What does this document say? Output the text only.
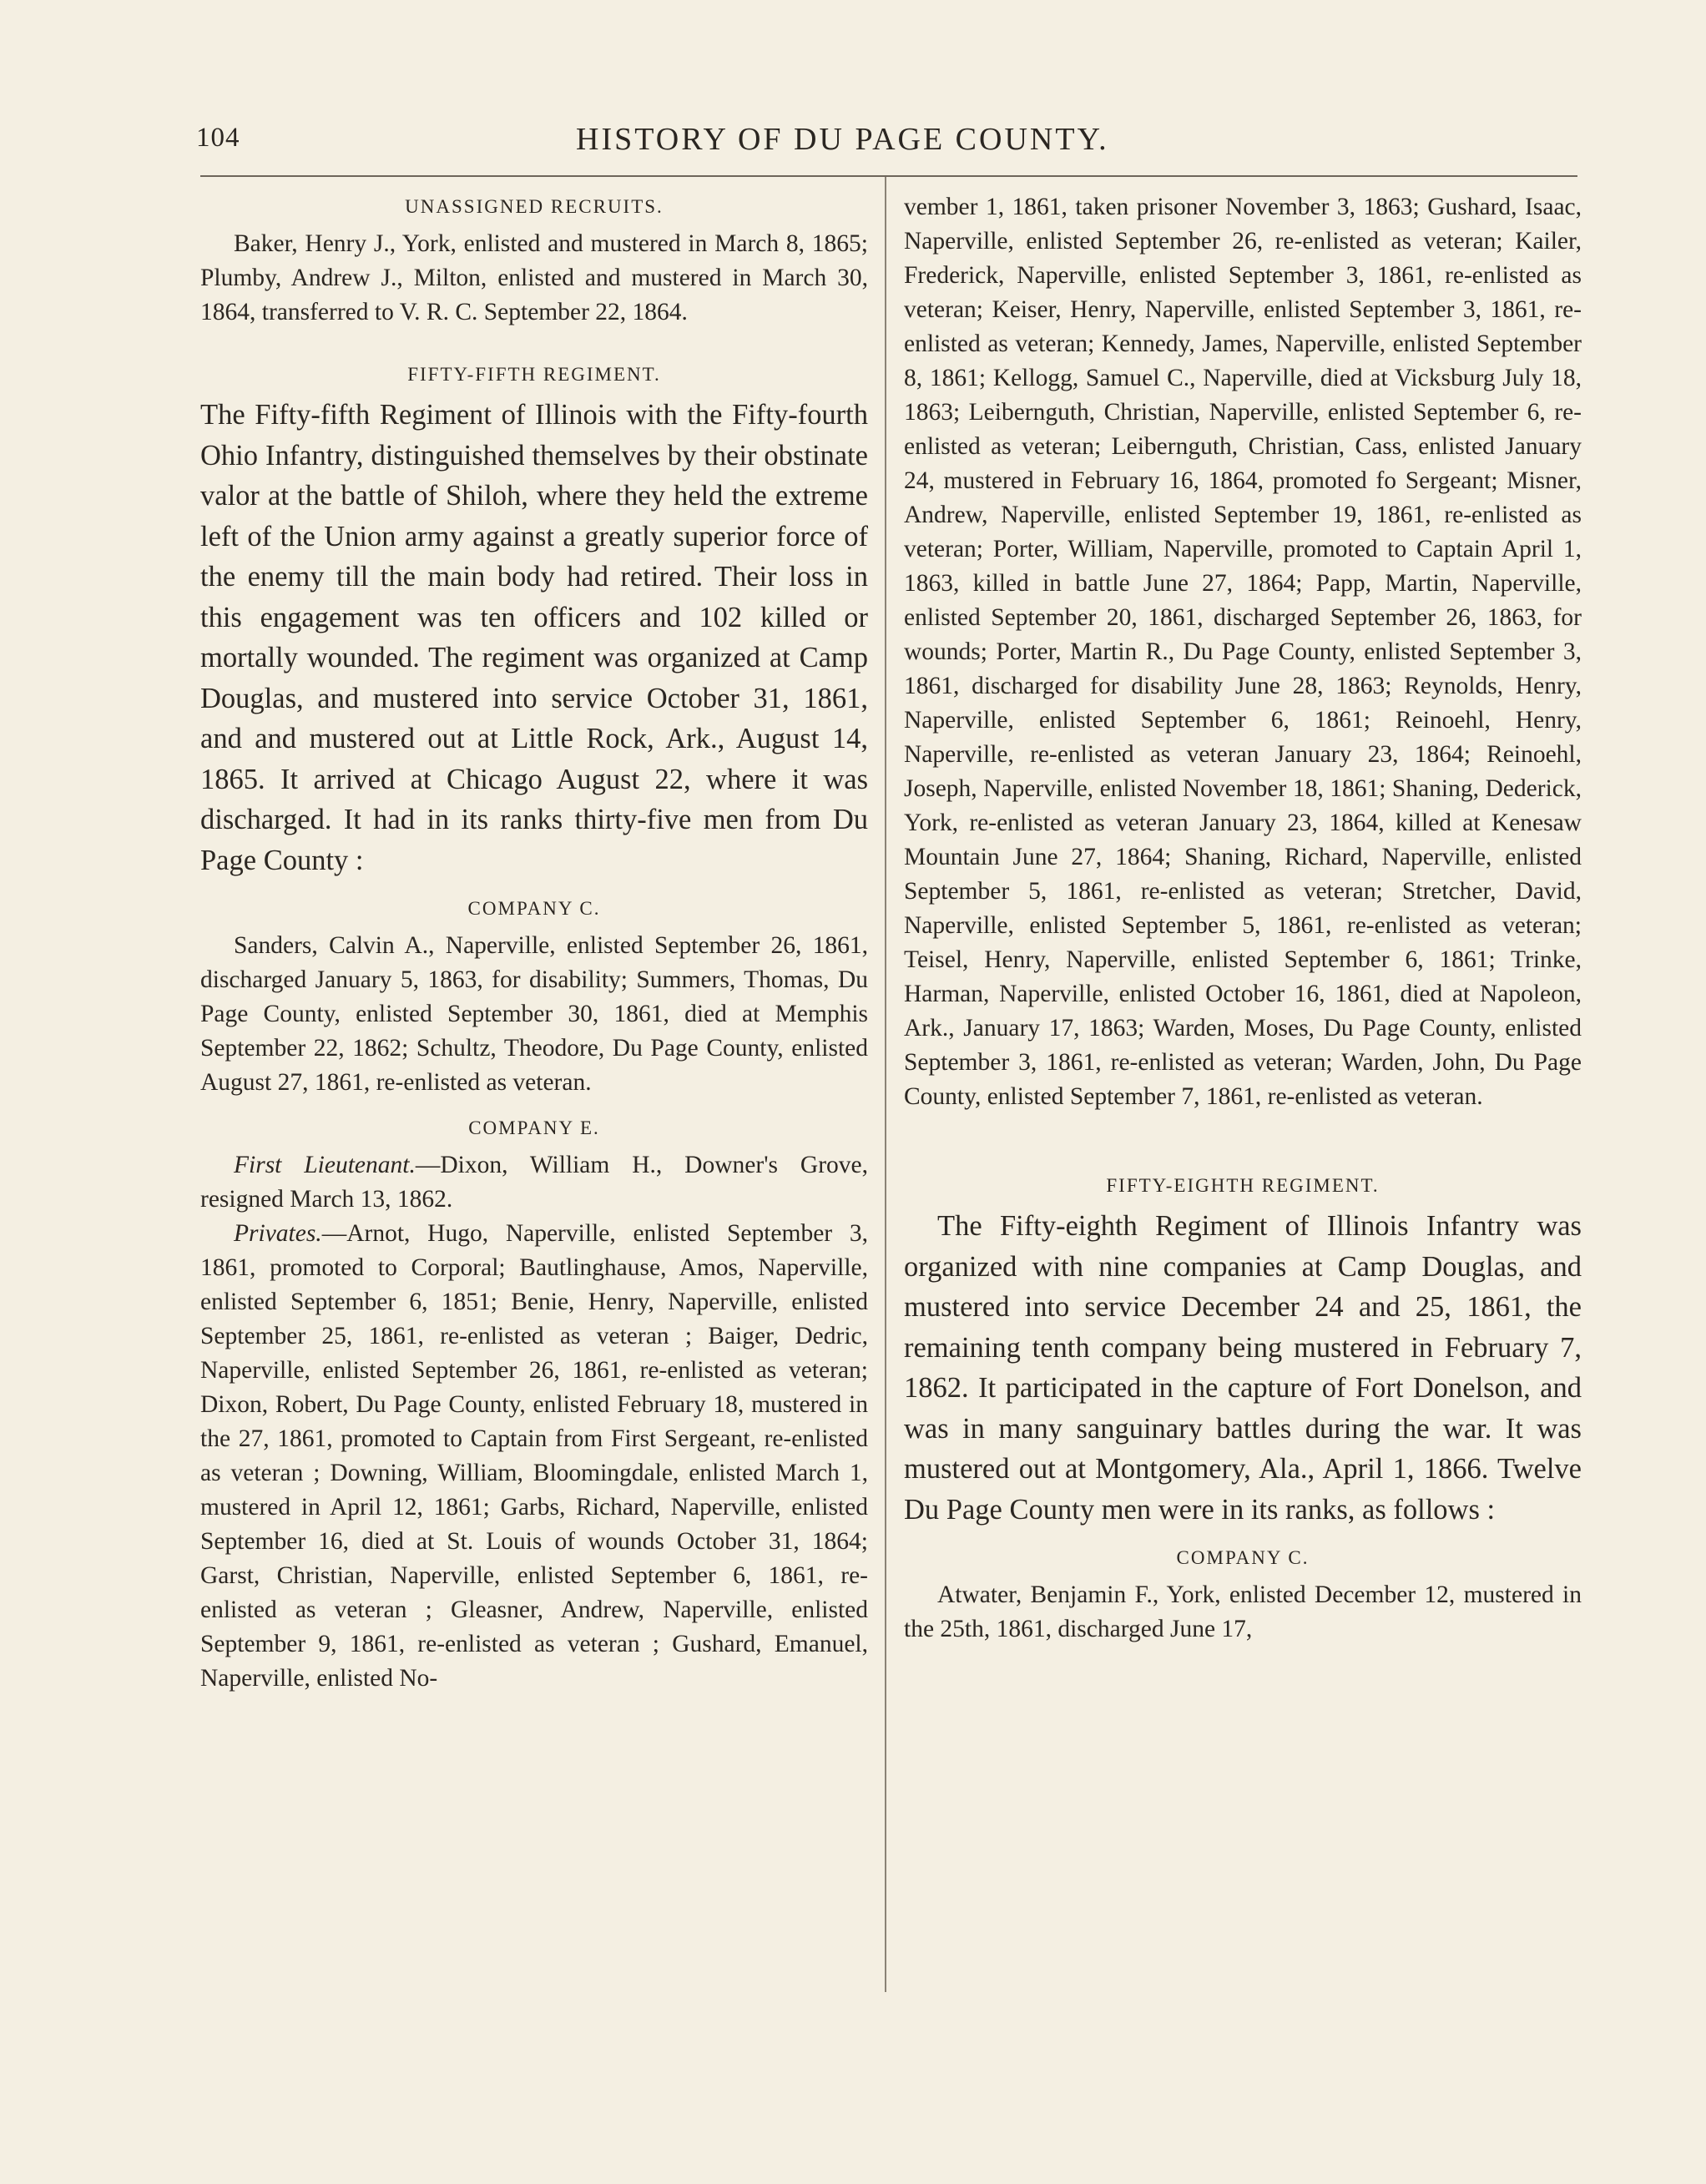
104	HISTORY OF DU PAGE COUNTY.
UNASSIGNED RECRUITS.

Baker, Henry J., York, enlisted and mustered in March 8, 1865; Plumby, Andrew J., Milton, enlisted and mustered in March 30, 1864, transferred to V. R. C. September 22, 1864.

FIFTY-FIFTH REGIMENT.

The Fifty-fifth Regiment of Illinois with the Fifty-fourth Ohio Infantry, distinguished themselves by their obstinate valor at the battle of Shiloh, where they held the extreme left of the Union army against a greatly superior force of the enemy till the main body had retired. Their loss in this engagement was ten officers and 102 killed or mortally wounded. The regiment was organized at Camp Douglas, and mustered into service October 31, 1861, and and mustered out at Little Rock, Ark., August 14, 1865. It arrived at Chicago August 22, where it was discharged. It had in its ranks thirty-five men from Du Page County :

COMPANY C.

Sanders, Calvin A., Naperville, enlisted September 26, 1861, discharged January 5, 1863, for disability; Summers, Thomas, Du Page County, enlisted September 30, 1861, died at Memphis September 22, 1862; Schultz, Theodore, Du Page County, enlisted August 27, 1861, re-enlisted as veteran.

COMPANY E.

First Lieutenant.—Dixon, William H., Downer's Grove, resigned March 13, 1862.

Privates.—Arnot, Hugo, Naperville, enlisted September 3, 1861, promoted to Corporal; Bautlinghause, Amos, Naperville, enlisted September 6, 1851; Benie, Henry, Naperville, enlisted September 25, 1861, re-enlisted as veteran ; Baiger, Dedric, Naperville, enlisted September 26, 1861, re-enlisted as veteran; Dixon, Robert, Du Page County, enlisted February 18, mustered in the 27, 1861, promoted to Captain from First Sergeant, re-enlisted as veteran ; Downing, William, Bloomingdale, enlisted March 1, mustered in April 12, 1861; Garbs, Richard, Naperville, enlisted September 16, died at St. Louis of wounds October 31, 1864; Garst, Christian, Naperville, enlisted September 6, 1861, re-enlisted as veteran ; Gleasner, Andrew, Naperville, enlisted September 9, 1861, re-enlisted as veteran ; Gushard, Emanuel, Naperville, enlisted No-

vember 1, 1861, taken prisoner November 3, 1863; Gushard, Isaac, Naperville, enlisted September 26, re-enlisted as veteran; Kailer, Frederick, Naperville, enlisted September 3, 1861, re-enlisted as veteran; Keiser, Henry, Naperville, enlisted September 3, 1861, re-enlisted as veteran; Kennedy, James, Naperville, enlisted September 8, 1861; Kellogg, Samuel C., Naperville, died at Vicksburg July 18, 1863; Leibernguth, Christian, Naperville, enlisted September 6, re-enlisted as veteran; Leibernguth, Christian, Cass, enlisted January 24, mustered in February 16, 1864, promoted fo Sergeant; Misner, Andrew, Naperville, enlisted September 19, 1861, re-enlisted as veteran; Porter, William, Naperville, promoted to Captain April 1, 1863, killed in battle June 27, 1864; Papp, Martin, Naperville, enlisted September 20, 1861, discharged September 26, 1863, for wounds; Porter, Martin R., Du Page County, enlisted September 3, 1861, discharged for disability June 28, 1863; Reynolds, Henry, Naperville, enlisted September 6, 1861; Reinoehl, Henry, Naperville, re-enlisted as veteran January 23, 1864; Reinoehl, Joseph, Naperville, enlisted November 18, 1861; Shaning, Dederick, York, re-enlisted as veteran January 23, 1864, killed at Kenesaw Mountain June 27, 1864; Shaning, Richard, Naperville, enlisted September 5, 1861, re-enlisted as veteran; Stretcher, David, Naperville, enlisted September 5, 1861, re-enlisted as veteran; Teisel, Henry, Naperville, enlisted September 6, 1861; Trinke, Harman, Naperville, enlisted October 16, 1861, died at Napoleon, Ark., January 17, 1863; Warden, Moses, Du Page County, enlisted September 3, 1861, re-enlisted as veteran; Warden, John, Du Page County, enlisted September 7, 1861, re-enlisted as veteran.

FIFTY-EIGHTH REGIMENT.

The Fifty-eighth Regiment of Illinois Infantry was organized with nine companies at Camp Douglas, and mustered into service December 24 and 25, 1861, the remaining tenth company being mustered in February 7, 1862. It participated in the capture of Fort Donelson, and was in many sanguinary battles during the war. It was mustered out at Montgomery, Ala., April 1, 1866. Twelve Du Page County men were in its ranks, as follows :

COMPANY C.

Atwater, Benjamin F., York, enlisted December 12, mustered in the 25th, 1861, discharged June 17,
